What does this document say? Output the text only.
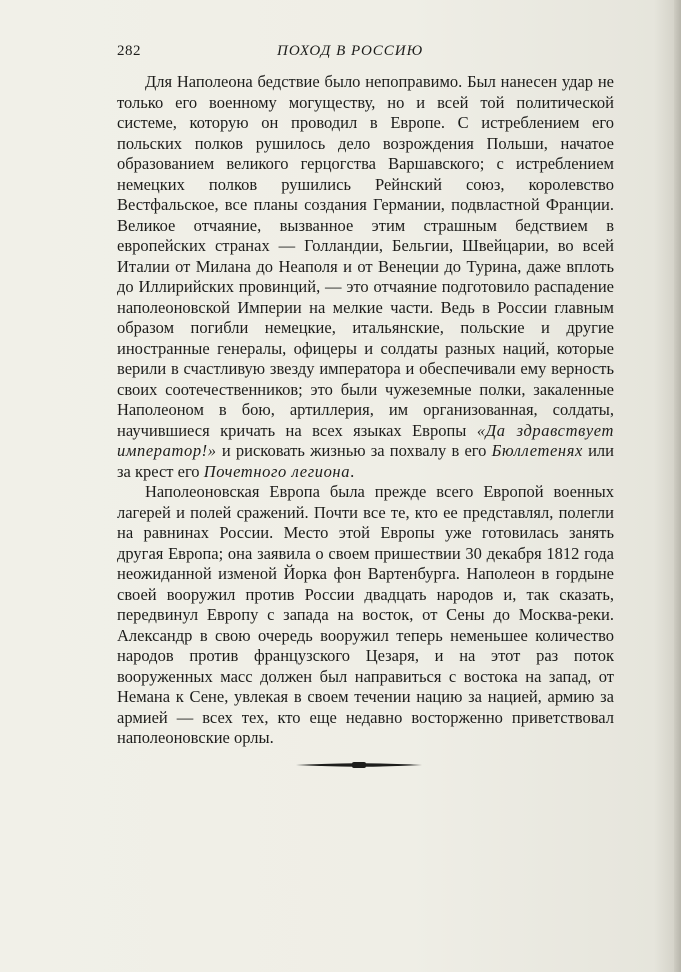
282	ПОХОД В РОССИЮ

Для Наполеона бедствие было непоправимо. Был нанесен удар не только его военному могуществу, но и всей той политической системе, которую он проводил в Европе. С истреблением его польских полков рушилось дело возрождения Польши, начатое образованием великого герцогства Варшавского; с истреблением немецких полков рушились Рейнский союз, королевство Вестфальское, все планы создания Германии, подвластной Франции. Великое отчаяние, вызванное этим страшным бедствием в европейских странах — Голландии, Бельгии, Швейцарии, во всей Италии от Милана до Неаполя и от Венеции до Турина, даже вплоть до Иллирийских провинций, — это отчаяние подготовило распадение наполеоновской Империи на мелкие части. Ведь в России главным образом погибли немецкие, итальянские, польские и другие иностранные генералы, офицеры и солдаты разных наций, которые верили в счастливую звезду императора и обеспечивали ему верность своих соотечественников; это были чужеземные полки, закаленные Наполеоном в бою, артиллерия, им организованная, солдаты, научившиеся кричать на всех языках Европы «Да здравствует император!» и рисковать жизнью за похвалу в его Бюллетенях или за крест его Почетного легиона.

Наполеоновская Европа была прежде всего Европой военных лагерей и полей сражений. Почти все те, кто ее представлял, полегли на равнинах России. Место этой Европы уже готовилась занять другая Европа; она заявила о своем пришествии 30 декабря 1812 года неожиданной изменой Йорка фон Вартенбурга. Наполеон в гордыне своей вооружил против России двадцать народов и, так сказать, передвинул Европу с запада на восток, от Сены до Москва-реки. Александр в свою очередь вооружил теперь неменьшее количество народов против французского Цезаря, и на этот раз поток вооруженных масс должен был направиться с востока на запад, от Немана к Сене, увлекая в своем течении нацию за нацией, армию за армией — всех тех, кто еще недавно восторженно приветствовал наполеоновские орлы.
